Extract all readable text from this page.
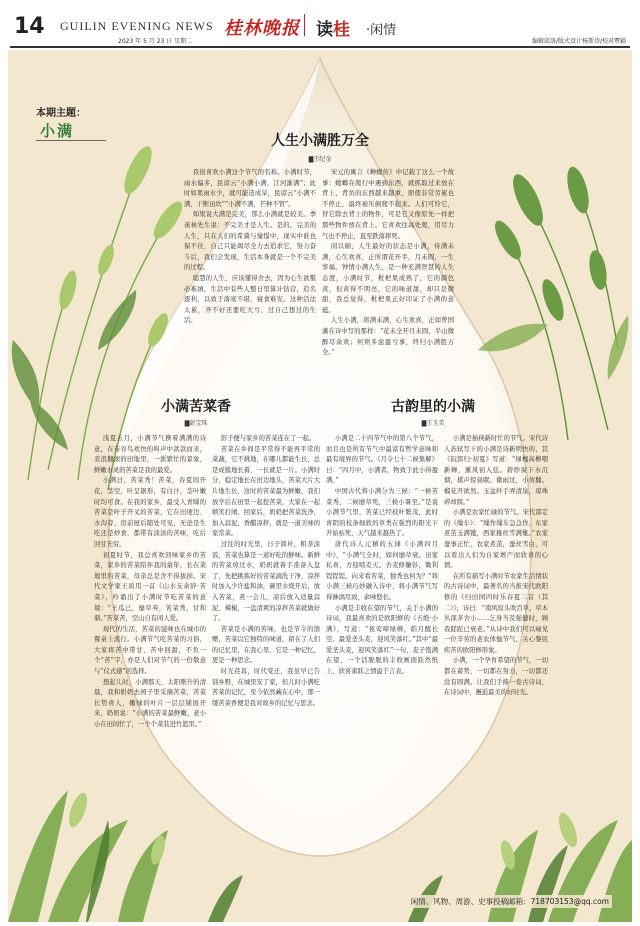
14 GUILIN EVENING NEWS
2023 年 5 月 23 日 星期二
桂林晚报 读桂 ·闲情
编辑邱洛/版式设计杨斯诗/校对覃疆
本期主题：
小满
人生小满胜万全
▇王纪金

我很喜欢小满这个节气的名称。小满时节，雨水偏多，民谚云“小满小满，江河渐满”；此时如果雨水少，就可能造成旱，民谚云“小满不满，干断田坎”“小满不满，芒种不管”。

如果说大满是完美，那么小满就是较美。季羡林先生说：不完美才是人生。是的，完美的人生，只在人们的希冀与憧憬中，现实中谁也保不住，自己只能竭尽全力去追求它，努力奋斗后，我们会发现，生活本身就是一个不完美的过程。

聪慧的人生，应该懂得舍去，因为心生欲壑必难填，生活中有些人整日里算计钻营，追名逐利，以致于落寞不堪，寝食难安。这种活法太累，齐不好还要吃大亏，过自己想过的生活。

宋元的寓言《蝉螳传》中记载了这么一个故事：螳螂在爬行中遇到东西，就抓取过来放在背上，背负的东西越来越重，即使非常劳累也不停止，最终被压倒爬不起来。人们可怜它，替它除去背上的物件，可是它又像原先一样把那些物件放在背上。它喜欢往高处爬，用尽力气也不停止，直至跌落摔死。

闲以刷，人生最好的状态是小满，待满未满，心生欢喜，正所谓花开半，月未圆，一生享福。钟情小满人生，是一种充满智慧的人生态度，小满时节，枇杷果成熟了，它的颜色黄，但黄得不明亮，它的味道甜，却只是微甜，我总觉得，枇杷果正好印证了小满的意蕴。

人生小满，将满未满，心生欢喜，正如曾国藩在诗中写的那样：“花未全开月未圆，半山微醉尽余欢；何须多虑盈亏事，终归小满胜万全。”

小满苦菜香
▇彭宝珠

浅夏五月，小满节气携着满满的诗意，在布谷鸟欢快的叫声中款款而来，麦浪翻滚的田地里，一派繁忙的景象，鲜嫩水灵的苦菜是我的最爱。

小满日，苦菜秀！苦菜，春夏间开花，茎空，叶呈锯形，有白汁，茎叶嫩时均可食。在我的家乡，最受人青睐的苦菜是叶子开叉的苦菜，它在田埂边、水沟旁、房前屋后随处可见，无论是生吃还是炒食，都带有淡淡的苦味，吃后回甘无穷。

初夏时节，我总喜欢回味家乡的苦菜，家乡的苦菜陪伴我的童年，长在菜地里的苦菜，母亲总是舍不得拔掉。宋代文学家王质用一首《山水友余辞·苦菜》，吟诵出了小满时节吃苦菜的意境：“王瓜已，靡草弃，苦菜秀，甘和鼎。”苦菜苦，空山自有闲人爱。

现代的生活，苦菜的滋味也在城市的餐桌上流行。小满节气吃苦菜的习俗，大家将苦中带甘、苦中回甜，不负一个“苦”字，亦是人们对节气的一份敬意与“仪式感”的选择。

想起儿时，小满那天，太阳刚升的清晨，我和奶奶去园子里采摘苦菜，苦菜长势喜人，嫩绿的叶片一层层铺展开来，奶奶说：“小满的苦菜最鲜嫩，老小小在田间忙了，一个个菜装进竹篮里。”

影子便与家乡的苦菜连在了一起。

苦菜在乡间是平常得不能再平常的菜蔬，它不挑地，在哪儿都能生长，总是成簇地长着，一长就是一片。小满时分，稳定地长在田边地头，苦菜大片大片地生长，这时的苦菜最为鲜嫩，我们放学后在田里一起挖苦菜，大家在一起嬉笑打闹，回家后，奶奶把苦菜洗净，加入蒜泥、香醋凉拌，就是一道美味的家常菜。

过往的时光里，日子简朴，粗茶淡饭，苦菜也算是一道好吃的鲜味。新鲜的苦菜焯过水，奶奶就着手准备入盘了，先把挑拣好的苦菜滴洗干净，凉拌时加入少许盐和油，碗里水烧开后，放入苦菜，煮一会儿，凉后放入适量蒜泥、辣椒，一盘清爽的凉拌苦菜就做好了。

苦菜是小满的苦味，也是节令的馈赠，苦菜以它独特的味道，留在了人们的记忆里，在我心里，它是一种记忆，更是一种思念。

时光荏苒，时代变迁，我虽早已告别乡野，在城里安了家，但儿时小满吃苦菜的记忆，至今依然藏在心中，那一缕苦菜香便是我对故乡的记忆与思念。

古韵里的小满
▇王玉美

小满是二十四节气中的第八个节气，而且也是所有节气中最富有哲学意味和最有境界的节气。《月令七十二候集解》曰：“四月中，小满者，物致于此小得盈满。”

中国古代将小满分为三候：“一候苦菜秀，二候靡草死，三候小暑至。”是说小满节气里，苦菜已经枝叶繁茂，此时喜阴的枝条细软的草类在强烈的阳光下开始枯死，天气越来越热了。

唐代诗人元稹的五律《小满四月中》，“小满气全时，如何靡草衰。田家私喜，方迎啮麦天。杏麦修镰钐，锄利锃锃锃。向来看苦菜，独秀也何为？”将小满三候巧妙融入诗中，将小满节气写得淋漓尽致，余味悠长。

小满是丰收在望的节气，关于小满的诗词，我最喜欢的是欧阳修的《五绝·小满》，写道：“夜莺啼绿柳，皓月醒长空。最爱垄头麦，迎风笑落红。”其中“最爱垄头麦，迎风笑落红”一句，麦子饱满在望，一个活脱脱的丰收画面跃然纸上，欣喜雀跃之情溢于言表。

小满是插秧新时忙的节气。宋代诗人苏轼写下的小满是诗新明快的，其《阮郎归·初夏》写道：“绿槐高柳咽新蝉，薰风初入弦。碧纱窗下水沉烟，棋声惊昼眠。微雨过，小荷翻。榴花开欲然。玉盆纤手弄清泉，琼珠碎却圆。”

小满是农家忙碌的节气。宋代邵定的《缫车》：“缫作缫车急急作，东家煮茧玉满镬，西家捲丝雪满篗。”农家蚕事正忙，农家煮茧，蚕丝雪白，可以看出人们为自家增产而欣喜的心情。

在所有描写小满时节农家生活情状的古诗词中，最著名的当推宋代欧阳修的《归田园四时乐春夏二首（其二）》，诗曰：“南风原头吹百草，草木丛深茅舍小……乞身当及强健时，顾我蹉跎已衰老。”从诗中我们可以窥见一位辛劳的老农体恤节气，关心黎民疾苦的欧阳修形象。

小满，一个孕育希望的节气，一切都在蓄势，一切都在努力，一切都还没有圆满。让我们手捧一卷古诗词，在诗词中，邂逅最美的好时光。

闲情、风物、周游、史事投稿邮箱：718703153@qq.com
